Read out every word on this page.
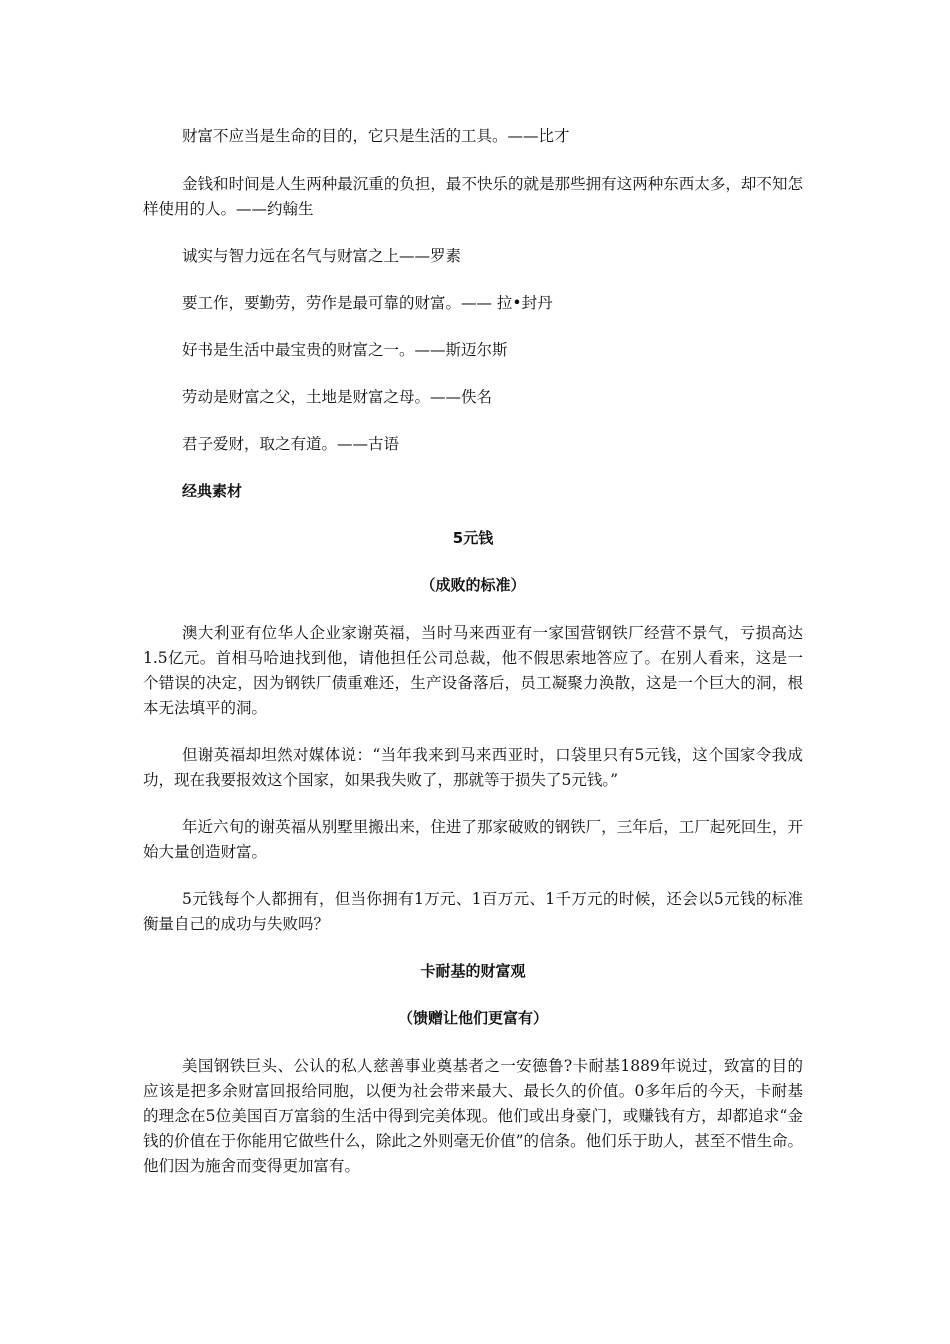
财富不应当是生命的目的，它只是生活的工具。——比才

金钱和时间是人生两种最沉重的负担，最不快乐的就是那些拥有这两种东西太多，却不知怎样使用的人。——约翰生

诚实与智力远在名气与财富之上——罗素

要工作，要勤劳，劳作是最可靠的财富。—— 拉•封丹

好书是生活中最宝贵的财富之一。——斯迈尔斯

劳动是财富之父，土地是财富之母。——佚名

君子爱财，取之有道。——古语

经典素材

5元钱

（成败的标准）

澳大利亚有位华人企业家谢英福，当时马来西亚有一家国营钢铁厂经营不景气，亏损高达1.5亿元。首相马哈迪找到他，请他担任公司总裁，他不假思索地答应了。在别人看来，这是一个错误的决定，因为钢铁厂债重难还，生产设备落后，员工凝聚力涣散，这是一个巨大的洞，根本无法填平的洞。

但谢英福却坦然对媒体说：“当年我来到马来西亚时，口袋里只有5元钱，这个国家令我成功，现在我要报效这个国家，如果我失败了，那就等于损失了5元钱。”

年近六旬的谢英福从别墅里搬出来，住进了那家破败的钢铁厂，三年后，工厂起死回生，开始大量创造财富。

5元钱每个人都拥有，但当你拥有1万元、1百万元、1千万元的时候，还会以5元钱的标准衡量自己的成功与失败吗？

卡耐基的财富观

（馈赠让他们更富有）

美国钢铁巨头、公认的私人慈善事业奠基者之一安德鲁?卡耐基1889年说过，致富的目的应该是把多余财富回报给同胞，以便为社会带来最大、最长久的价值。0多年后的今天，卡耐基的理念在5位美国百万富翁的生活中得到完美体现。他们或出身豪门，或赚钱有方，却都追求“金钱的价值在于你能用它做些什么，除此之外则毫无价值”的信条。他们乐于助人，甚至不惜生命。他们因为施舍而变得更加富有。
